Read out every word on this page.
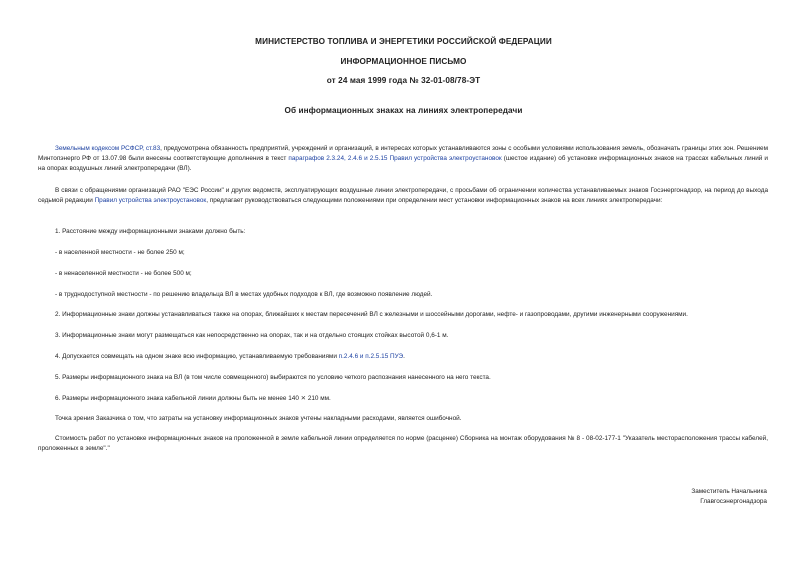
МИНИСТЕРСТВО ТОПЛИВА И ЭНЕРГЕТИКИ РОССИЙСКОЙ ФЕДЕРАЦИИ
ИНФОРМАЦИОННОЕ ПИСЬМО
от 24 мая 1999 года № 32-01-08/78-ЭТ
Об информационных знаках на линиях электропередачи
Земельным кодексом РСФСР, ст.83, предусмотрена обязанность предприятий, учреждений и организаций, в интересах которых устанавливаются зоны с особыми условиями использования земель, обозначать границы этих зон. Решением Минтопэнерго РФ от 13.07.98 были внесены соответствующие дополнения в текст параграфов 2.3.24, 2.4.6 и 2.5.15 Правил устройства электроустановок (шестое издание) об установке информационных знаков на трассах кабельных линий и на опорах воздушных линий электропередачи (ВЛ).
В связи с обращениями организаций РАО "ЕЭС России" и других ведомств, эксплуатирующих воздушные линии электропередачи, с просьбами об ограничении количества устанавливаемых знаков Госэнергонадзор, на период до выхода седьмой редакции Правил устройства электроустановок, предлагает руководствоваться следующими положениями при определении мест установки информационных знаков на всех линиях электропередачи:
1. Расстояние между информационными знаками должно быть:
- в населенной местности - не более 250 м;
- в ненаселенной местности - не более 500 м;
- в труднодоступной местности - по решению владельца ВЛ в местах удобных подходов к ВЛ, где возможно появление людей.
2. Информационные знаки должны устанавливаться также на опорах, ближайших к местам пересечений ВЛ с железными и шоссейными дорогами, нефте- и газопроводами, другими инженерными сооружениями.
3. Информационные знаки могут размещаться как непосредственно на опорах, так и на отдельно стоящих стойках высотой 0,6-1 м.
4. Допускается совмещать на одном знаке всю информацию, устанавливаемую требованиями п.2.4.6 и п.2.5.15 ПУЭ.
5. Размеры информационного знака на ВЛ (в том числе совмещенного) выбираются по условию четкого распознания нанесенного на него текста.
6. Размеры информационного знака кабельной линии должны быть не менее 140 ⨯ 210 мм.
Точка зрения Заказчика о том, что затраты на установку информационных знаков учтены накладными расходами, является ошибочной.
Стоимость работ по установке информационных знаков на проложенной в земле кабельной линии определяется по норме (расценке) Сборника на монтаж оборудования № 8 - 08-02-177-1 "Указатель месторасположения трассы кабелей, проложенных в земле"."
Заместитель Начальника
Главгосэнергонадзора
